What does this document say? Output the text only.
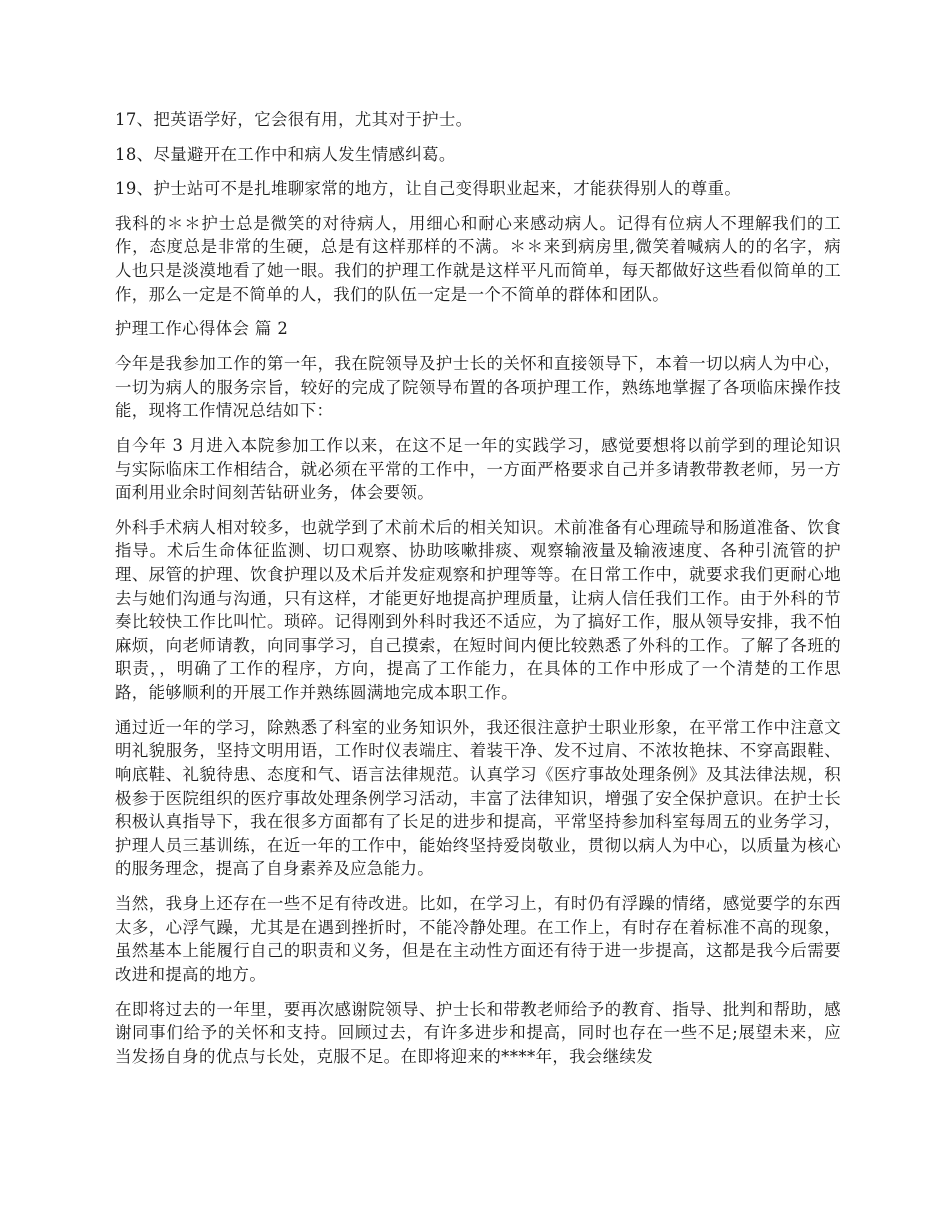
17、把英语学好，它会很有用，尤其对于护士。

18、尽量避开在工作中和病人发生情感纠葛。

19、护士站可不是扎堆聊家常的地方，让自己变得职业起来，才能获得别人的尊重。

我科的＊＊护士总是微笑的对待病人，用细心和耐心来感动病人。记得有位病人不理解我们的工作，态度总是非常的生硬，总是有这样那样的不满。＊＊来到病房里,微笑着喊病人的的名字，病人也只是淡漠地看了她一眼。我们的护理工作就是这样平凡而简单，每天都做好这些看似简单的工作，那么一定是不简单的人，我们的队伍一定是一个不简单的群体和团队。

护理工作心得体会 篇 2

今年是我参加工作的第一年，我在院领导及护士长的关怀和直接领导下，本着一切以病人为中心，一切为病人的服务宗旨，较好的完成了院领导布置的各项护理工作，熟练地掌握了各项临床操作技能，现将工作情况总结如下：

自今年 3 月进入本院参加工作以来，在这不足一年的实践学习，感觉要想将以前学到的理论知识与实际临床工作相结合，就必须在平常的工作中，一方面严格要求自己并多请教带教老师，另一方面利用业余时间刻苦钻研业务，体会要领。

外科手术病人相对较多，也就学到了术前术后的相关知识。术前准备有心理疏导和肠道准备、饮食指导。术后生命体征监测、切口观察、协助咳嗽排痰、观察输液量及输液速度、各种引流管的护理、尿管的护理、饮食护理以及术后并发症观察和护理等等。在日常工作中，就要求我们更耐心地去与她们沟通与沟通，只有这样，才能更好地提高护理质量，让病人信任我们工作。由于外科的节奏比较快工作比叫忙。琐碎。记得刚到外科时我还不适应，为了搞好工作，服从领导安排，我不怕麻烦，向老师请教，向同事学习，自己摸索，在短时间内便比较熟悉了外科的工作。了解了各班的职责，，明确了工作的程序，方向，提高了工作能力，在具体的工作中形成了一个清楚的工作思路，能够顺利的开展工作并熟练圆满地完成本职工作。

通过近一年的学习，除熟悉了科室的业务知识外，我还很注意护士职业形象，在平常工作中注意文明礼貌服务，坚持文明用语，工作时仪表端庄、着装干净、发不过肩、不浓妆艳抹、不穿高跟鞋、响底鞋、礼貌待患、态度和气、语言法律规范。认真学习《医疗事故处理条例》及其法律法规，积极参于医院组织的医疗事故处理条例学习活动，丰富了法律知识，增强了安全保护意识。在护士长积极认真指导下，我在很多方面都有了长足的进步和提高，平常坚持参加科室每周五的业务学习，护理人员三基训练，在近一年的工作中，能始终坚持爱岗敬业，贯彻以病人为中心，以质量为核心的服务理念，提高了自身素养及应急能力。

当然，我身上还存在一些不足有待改进。比如，在学习上，有时仍有浮躁的情绪，感觉要学的东西太多，心浮气躁，尤其是在遇到挫折时，不能冷静处理。在工作上，有时存在着标准不高的现象，虽然基本上能履行自己的职责和义务，但是在主动性方面还有待于进一步提高，这都是我今后需要改进和提高的地方。

在即将过去的一年里，要再次感谢院领导、护士长和带教老师给予的教育、指导、批判和帮助，感谢同事们给予的关怀和支持。回顾过去，有许多进步和提高，同时也存在一些不足;展望未来，应当发扬自身的优点与长处，克服不足。在即将迎来的****年，我会继续发
